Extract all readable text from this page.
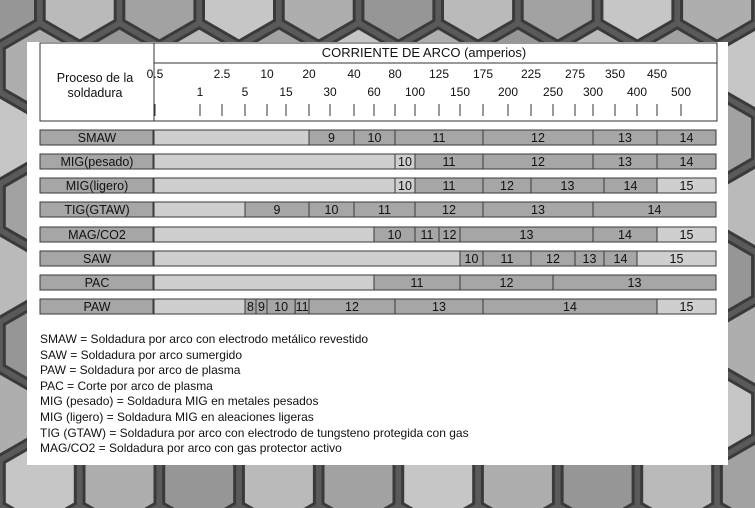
CORRIENTE DE ARCO (amperios)
Proceso de la soldadura
0.5	2.5 10 20	40 80 125 175 225 275 350 450
1	5	15	30	60 100 150 200 250 300 400 500
SMAW	9	10	11	12	13	14
MIG(pesado)	10 11	12	13	14
MIG(ligero)	10 11	12	13	14	15
TIG(GTAW)	9	10	11	12	13	14
MAG/CO2	10 11 12	13	14	15
SAW	10 11	12 13 14	15
PAC	11	12	13
PAW	8 9 10 11	12	13	14	15
SMAW = Soldadura por arco con electrodo metálico revestido
SAW = Soldadura por arco sumergido
PAW = Soldadura por arco de plasma
PAC = Corte por arco de plasma
MIG (pesado) = Soldadura MIG en metales pesados
MIG (ligero) = Soldadura MIG en aleaciones ligeras
TIG (GTAW) = Soldadura por arco con electrodo de tungsteno protegida con gas
MAG/CO2 = Soldadura por arco con gas protector activo
